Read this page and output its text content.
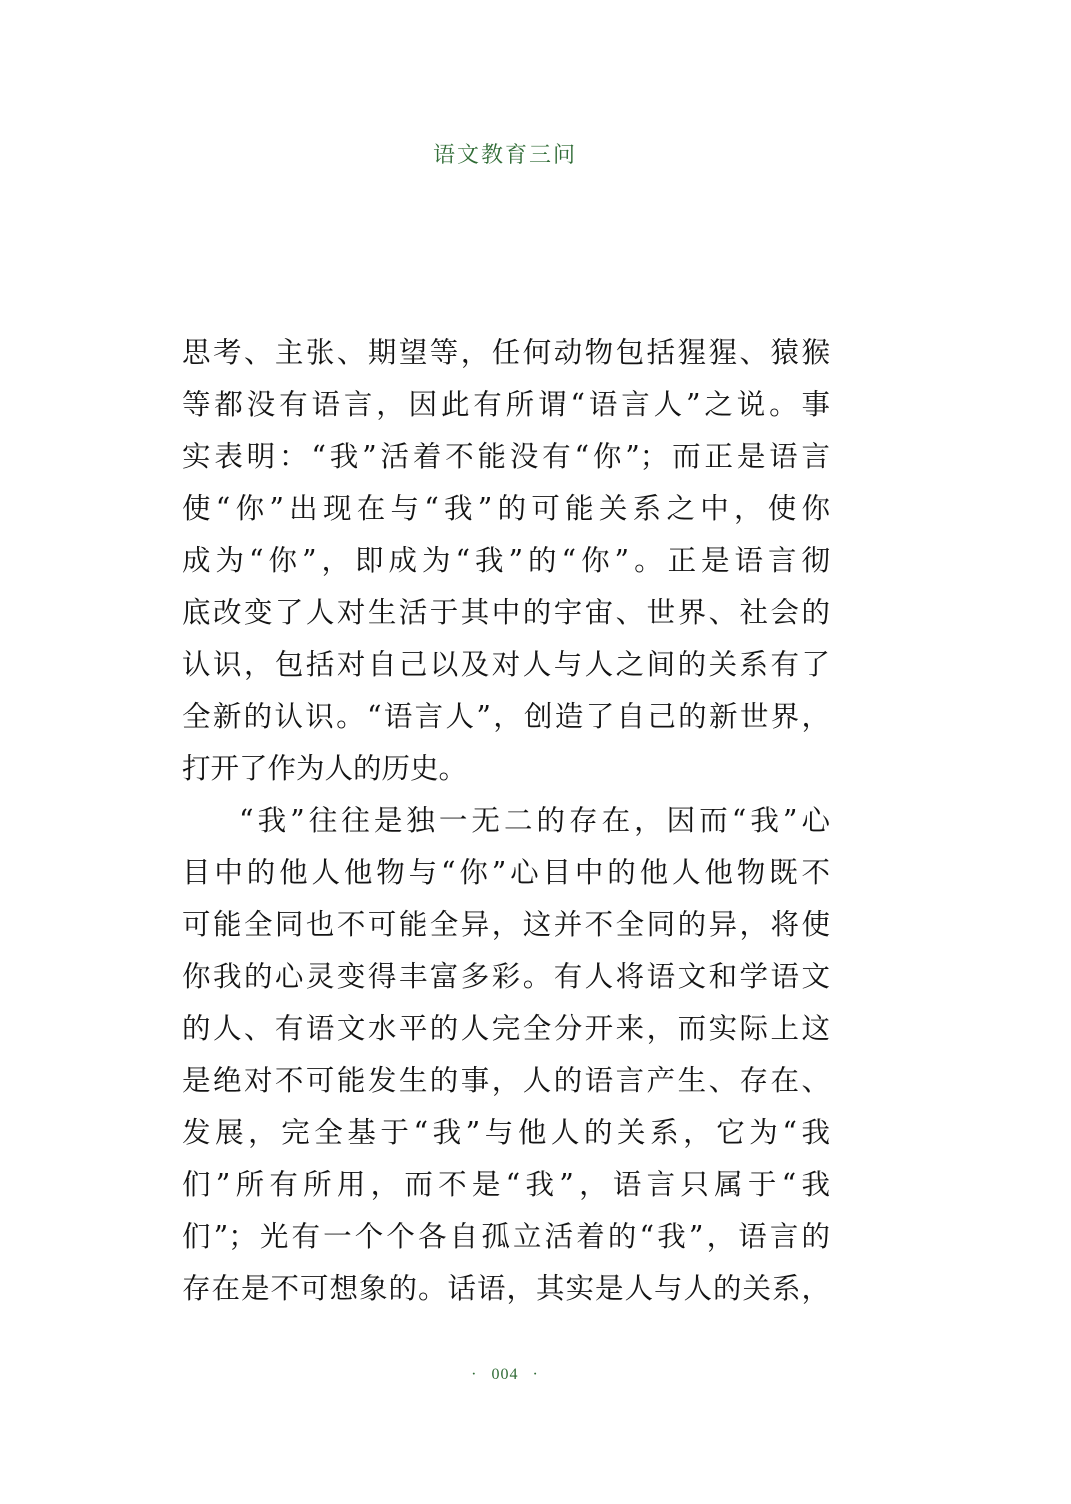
语文教育三问
思考、主张、期望等，任何动物包括猩猩、猿猴
等都没有语言，因此有所谓“语言人”之说。事
实表明：“我”活着不能没有“你”；而正是语言
使“你”出现在与“我”的可能关系之中，使你
成为“你”，即成为“我”的“你”。正是语言彻
底改变了人对生活于其中的宇宙、世界、社会的
认识，包括对自己以及对人与人之间的关系有了
全新的认识。“语言人”，创造了自己的新世界，
打开了作为人的历史。
“我”往往是独一无二的存在，因而“我”心
目中的他人他物与“你”心目中的他人他物既不
可能全同也不可能全异，这并不全同的异，将使
你我的心灵变得丰富多彩。有人将语文和学语文
的人、有语文水平的人完全分开来，而实际上这
是绝对不可能发生的事，人的语言产生、存在、
发展，完全基于“我”与他人的关系，它为“我
们”所有所用，而不是“我”，语言只属于“我
们”；光有一个个各自孤立活着的“我”，语言的
存在是不可想象的。话语，其实是人与人的关系，
· 004 ·
